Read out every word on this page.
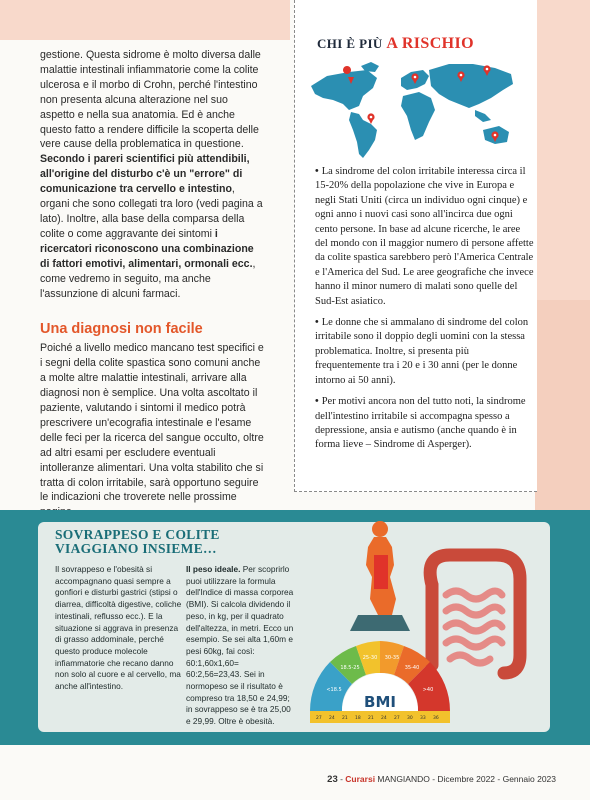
gestione. Questa sidrome è molto diversa dalle malattie intestinali infiammatorie come la colite ulcerosa e il morbo di Crohn, perché l'intestino non presenta alcuna alterazione nel suo aspetto e nella sua anatomia. Ed è anche questo fatto a rendere difficile la scoperta delle vere cause della problematica in questione. Secondo i pareri scientifici più attendibili, all'origine del disturbo c'è un "errore" di comunicazione tra cervello e intestino, organi che sono collegati tra loro (vedi pagina a lato). Inoltre, alla base della comparsa della colite o come aggravante dei sintomi i ricercatori riconoscono una combinazione di fattori emotivi, alimentari, ormonali ecc., come vedremo in seguito, ma anche l'assunzione di alcuni farmaci.

Una diagnosi non facile

Poiché a livello medico mancano test specifici e i segni della colite spastica sono comuni anche a molte altre malattie intestinali, arrivare alla diagnosi non è semplice. Una volta ascoltato il paziente, valutando i sintomi il medico potrà prescrivere un'ecografia intestinale e l'esame delle feci per la ricerca del sangue occulto, oltre ad altri esami per escludere eventuali intolleranze alimentari. Una volta stabilito che si tratta di colon irritabile, sarà opportuno seguire le indicazioni che troverete nelle prossime

CHI È PIÙ A RISCHIO
• La sindrome del colon irritabile interessa circa il 15-20% della popolazione che vive in Europa e negli Stati Uniti (circa un individuo ogni cinque) e ogni anno i nuovi casi sono all'incirca due ogni cento persone. In base ad alcune ricerche, le aree del mondo con il maggior numero di persone affette da colite spastica sarebbero però l'America Centrale e l'America del Sud. Le aree geografiche che invece hanno il minor numero di malati sono quelle del Sud-Est asiatico.
• Le donne che si ammalano di sindrome del colon irritabile sono il doppio degli uomini con la stessa problematica. Inoltre, si presenta più frequentemente tra i 20 e i 30 anni (per le donne intorno ai 50 anni).
• Per motivi ancora non del tutto noti, la sindrome dell'intestino irritabile si accompagna spesso a depressione, ansia e autismo (anche quando è in forma lieve – Sindrome di Asperger).
SOVRAPPESO E COLITE VIAGGIANO INSIEME…
Il sovrappeso e l'obesità si accompagnano quasi sempre a gonfiori e disturbi gastrici (stipsi o diarrea, difficoltà digestive, coliche intestinali, reflusso ecc.). E la situazione si aggrava in presenza di grasso addominale, perché questo produce molecole infiammatorie che recano danno non solo al cuore e al cervello, ma anche all'intestino.
Il peso ideale. Per scoprirlo puoi utilizzare la formula dell'Indice di massa corporea (BMI). Si calcola dividendo il peso, in kg, per il quadrato dell'altezza, in metri. Ecco un esempio. Se sei alta 1,60m e pesi 60kg, fai così: 60:1,60x1,60= 60:2,56=23,43. Sei in normopeso se il risultato è compreso tra 18,50 e 24,99; in sovrappeso se è tra 25,00 e 29,99. Oltre è obesità.
<18.5
18.5-25
25-30 30-35
35-40
>40
BMI
27 24 21 18 21 24 27 30 33 36
23 - Curarsi MANGIANDO - Dicembre 2022 - Gennaio 2023
